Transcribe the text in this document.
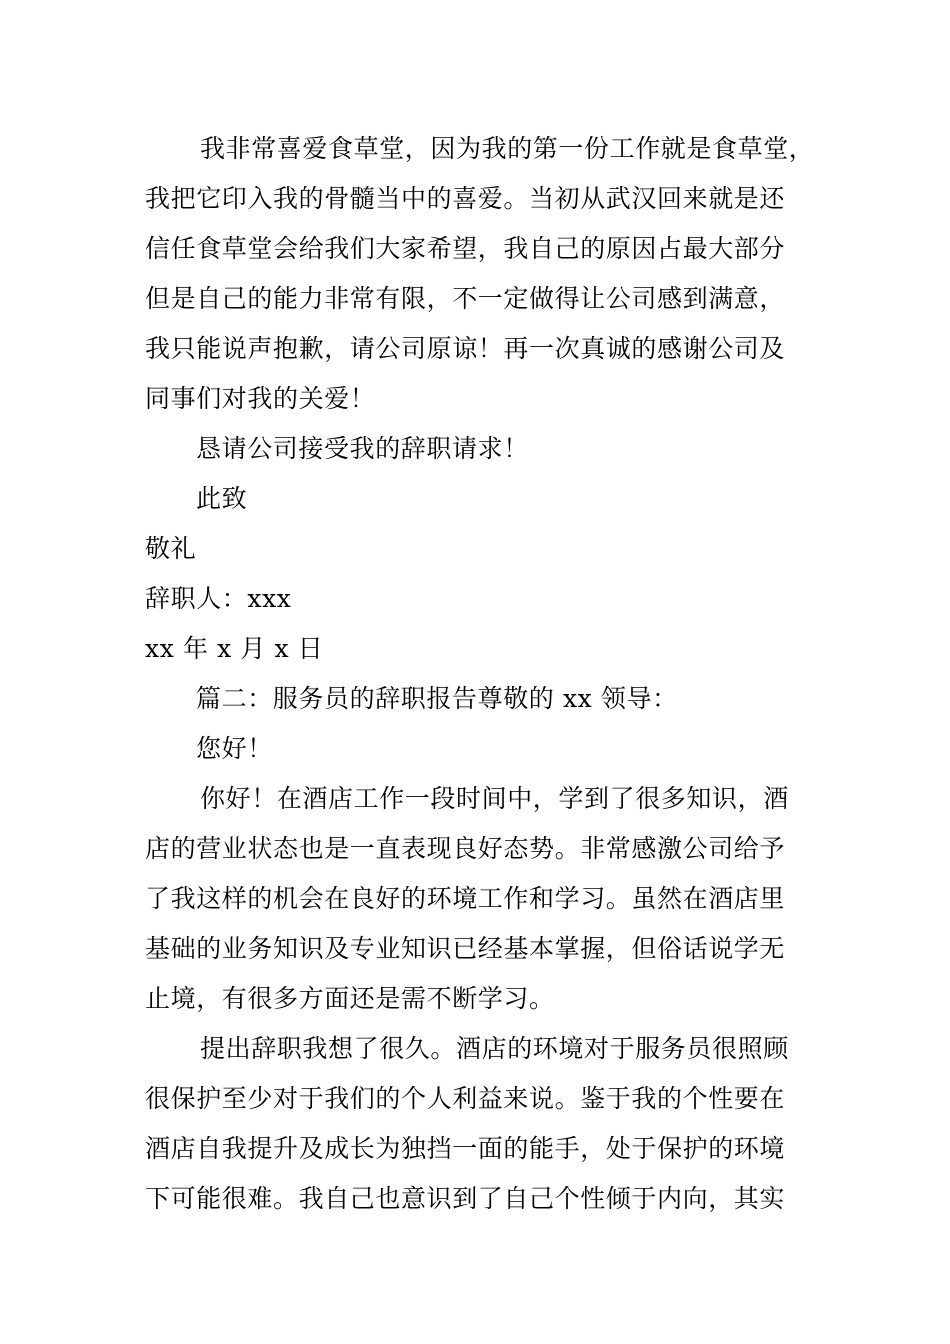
我非常喜爱食草堂，因为我的第一份工作就是食草堂，
我把它印入我的骨髓当中的喜爱。当初从武汉回来就是还
信任食草堂会给我们大家希望，我自己的原因占最大部分
但是自己的能力非常有限，不一定做得让公司感到满意，
我只能说声抱歉，请公司原谅！再一次真诚的感谢公司及
同事们对我的关爱！
恳请公司接受我的辞职请求！
此致
敬礼
辞职人：xxx
xx 年 x 月 x 日
篇二：服务员的辞职报告尊敬的 xx 领导：
您好！
你好！在酒店工作一段时间中，学到了很多知识，酒
店的营业状态也是一直表现良好态势。非常感激公司给予
了我这样的机会在良好的环境工作和学习。虽然在酒店里
基础的业务知识及专业知识已经基本掌握，但俗话说学无
止境，有很多方面还是需不断学习。
提出辞职我想了很久。酒店的环境对于服务员很照顾
很保护至少对于我们的个人利益来说。鉴于我的个性要在
酒店自我提升及成长为独挡一面的能手，处于保护的环境
下可能很难。我自己也意识到了自己个性倾于内向，其实
